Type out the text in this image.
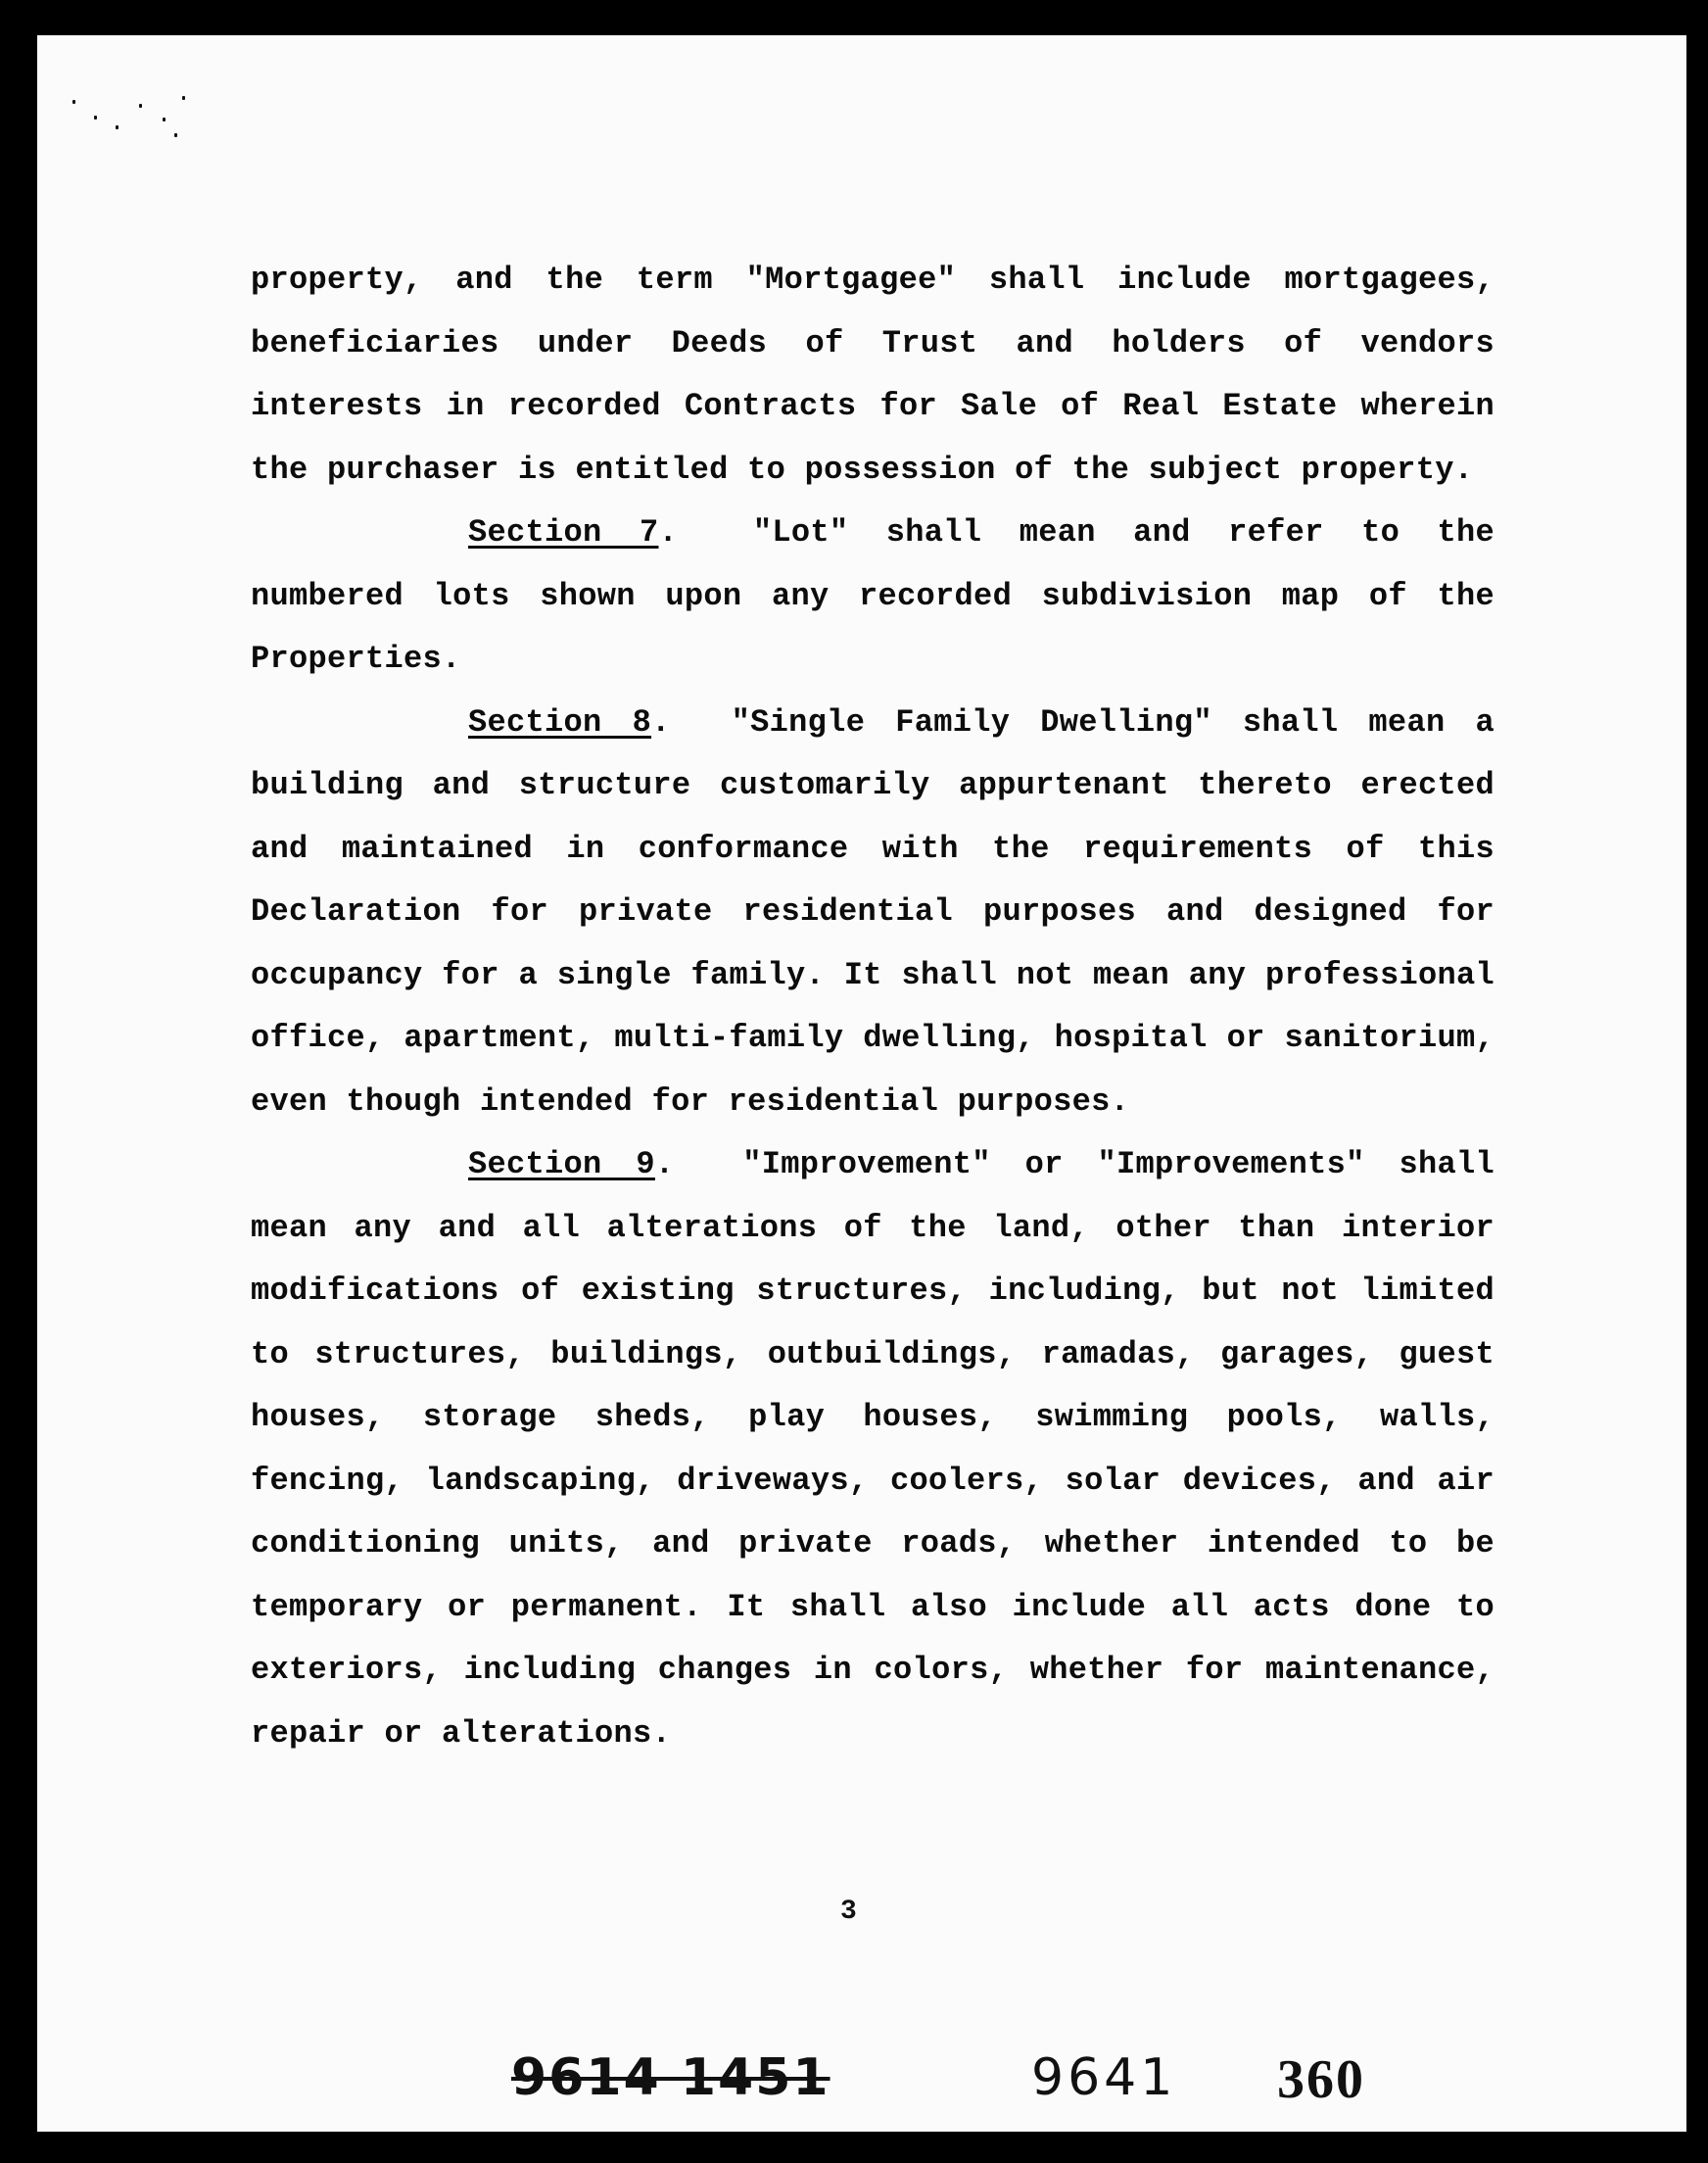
property, and the term "Mortgagee" shall include mortgagees, beneficiaries under Deeds of Trust and holders of vendors interests in recorded Contracts for Sale of Real Estate wherein the purchaser is entitled to possession of the subject property.

Section 7.  "Lot" shall mean and refer to the numbered lots shown upon any recorded subdivision map of the Properties.

Section 8.  "Single Family Dwelling" shall mean a building and structure customarily appurtenant thereto erected and maintained in conformance with the requirements of this Declaration for private residential purposes and designed for occupancy for a single family. It shall not mean any professional office, apartment, multi-family dwelling, hospital or sanitorium, even though intended for residential purposes.

Section 9.  "Improvement" or "Improvements" shall mean any and all alterations of the land, other than interior modifications of existing structures, including, but not limited to structures, buildings, outbuildings, ramadas, garages, guest houses, storage sheds, play houses, swimming pools, walls, fencing, landscaping, driveways, coolers, solar devices, and air conditioning units, and private roads, whether intended to be temporary or permanent. It shall also include all acts done to exteriors, including changes in colors, whether for maintenance, repair or alterations.

3
9614 1451	9641 360
